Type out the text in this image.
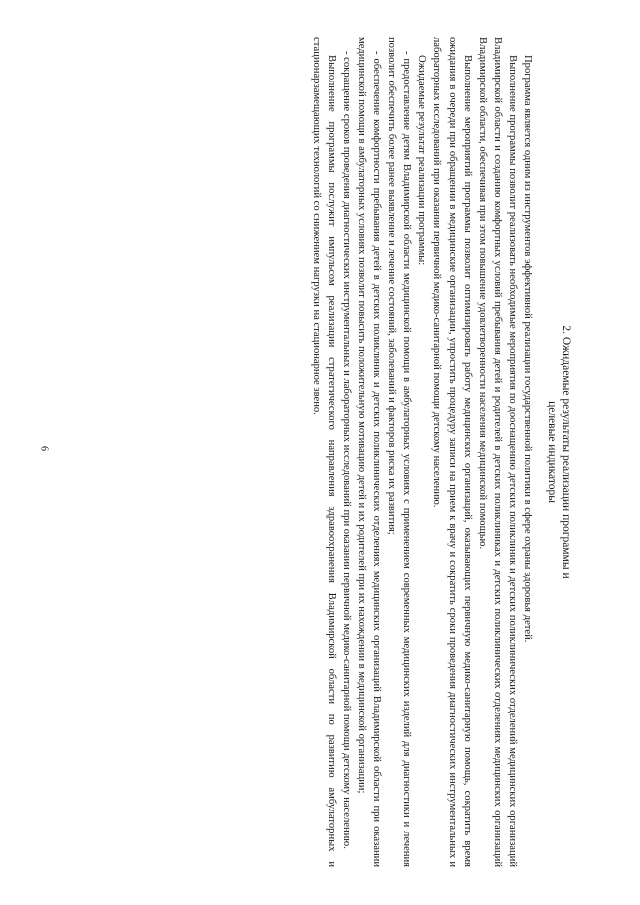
6	2. Ожидаемые результаты реализации программы и
целевые индикаторы

Программа является одним из инструментов эффективной реализации государственной политики в сфере охраны здоровья детей.

Выполнение программы позволит реализовать необходимые мероприятия по дооснащению детских поликлиник и детских поликлинических отделений медицинских организаций Владимирской области и созданию комфортных условий пребывания детей и родителей в детских поликлиниках и детских поликлинических отделениях медицинских организаций Владимирской области, обеспечивая при этом повышение удовлетворенности населения медицинской помощью.

Выполнение мероприятий программы позволит оптимизировать работу медицинских организаций, оказывающих первичную медико-санитарную помощь, сократить время ожидания в очереди при обращении в медицинские организации, упростить процедуру записи на прием к врачу и сократить сроки проведения диагностических инструментальных и лабораторных исследований при оказании первичной медико-санитарной помощи детскому населению.

Ожидаемые результат реализации программы:

- предоставление детям Владимирской области медицинской помощи в амбулаторных условиях с применением современных медицинских изделий для диагностики и лечения позволит обеспечить более ранее выявление и лечение состояний, заболеваний и факторов риска их развития;

- обеспечение комфортности пребывания детей в детских поликлиник и детских поликлинических отделениях медицинских организаций Владимирской области при оказании медицинской помощи в амбулаторных условиях позволит повысить положительную мотивацию детей и их родителей при их нахождении в медицинской организации;

- сокращение сроков проведения диагностических инструментальных и лабораторных исследований при оказании первичной медико-санитарной помощи детскому населению.

Выполнение программы послужит импульсом реализации стратегического направления здравоохранения Владимирской области по развитию амбулаторных и стационарзамещающих технологий со снижением нагрузки на стационарное звено.
